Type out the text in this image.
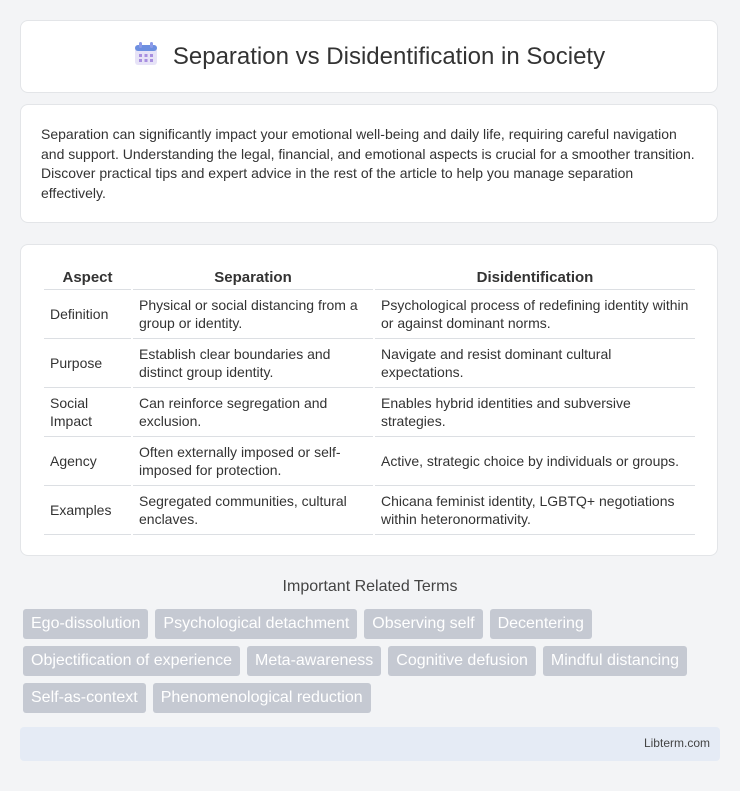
Separation vs Disidentification in Society

Separation can significantly impact your emotional well-being and daily life, requiring careful navigation and support. Understanding the legal, financial, and emotional aspects is crucial for a smoother transition. Discover practical tips and expert advice in the rest of the article to help you manage separation effectively.

Aspect	Separation	Disidentification
Definition	Physical or social distancing from a group or identity.	Psychological process of redefining identity within or against dominant norms.
Purpose	Establish clear boundaries and distinct group identity.	Navigate and resist dominant cultural expectations.
Social Impact	Can reinforce segregation and exclusion.	Enables hybrid identities and subversive strategies.
Agency	Often externally imposed or self-imposed for protection.	Active, strategic choice by individuals or groups.
Examples	Segregated communities, cultural enclaves.	Chicana feminist identity, LGBTQ+ negotiations within heteronormativity.
Important Related Terms
Ego-dissolution	Psychological detachment	Observing self	Decentering
Objectification of experience	Meta-awareness	Cognitive defusion	Mindful distancing
Self-as-context	Phenomenological reduction
Libterm.com
